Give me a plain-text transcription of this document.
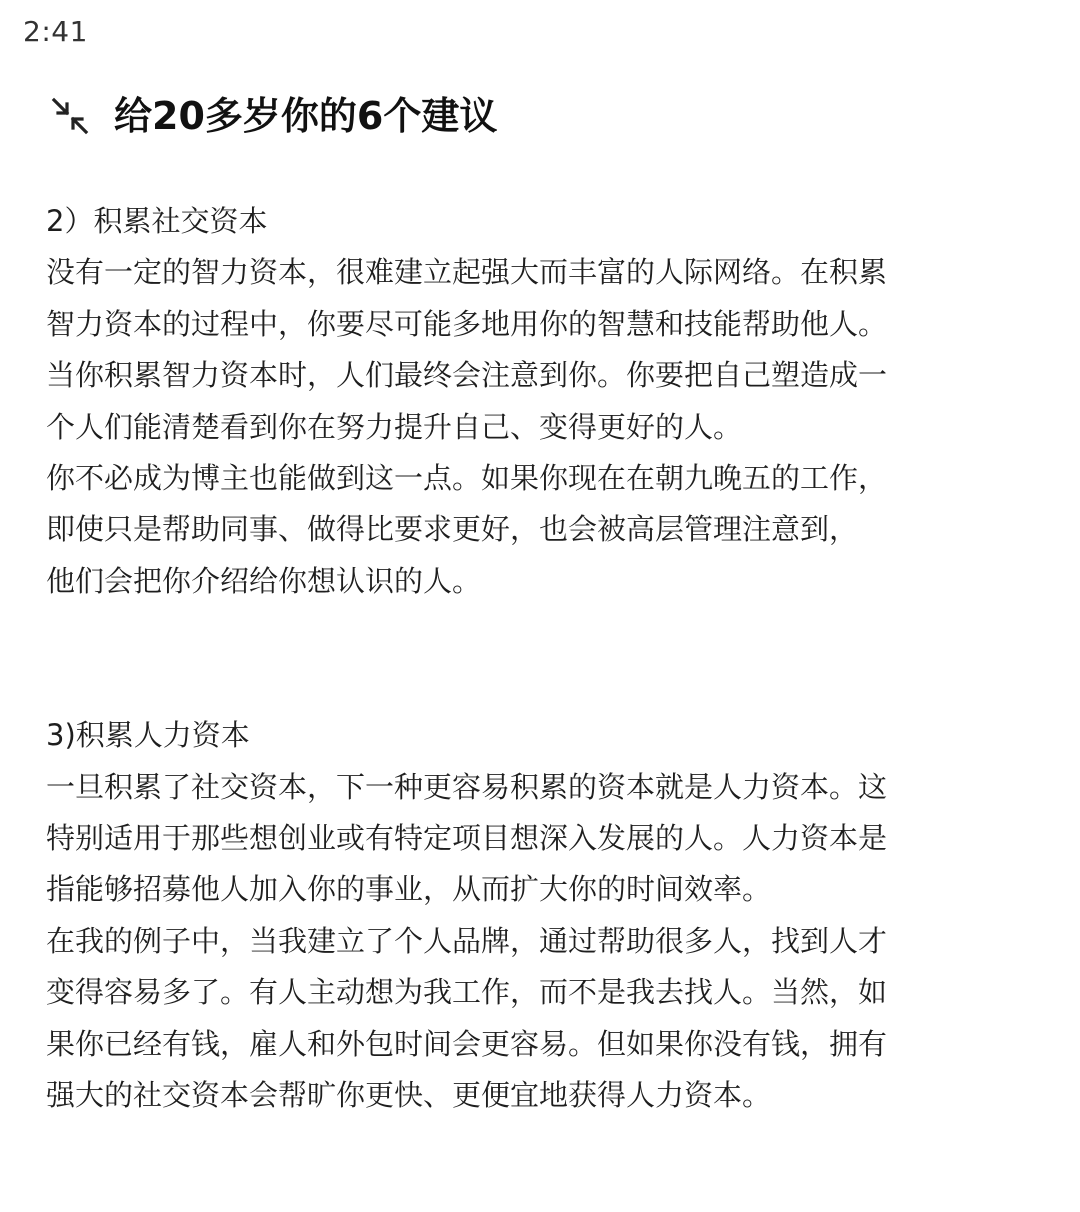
2:41
给20多岁你的6个建议

2）积累社交资本

没有一定的智力资本，很难建立起强大而丰富的人际网络。在积累

智力资本的过程中，你要尽可能多地用你的智慧和技能帮助他人。

当你积累智力资本时，人们最终会注意到你。你要把自己塑造成一

个人们能清楚看到你在努力提升自己、变得更好的人。

你不必成为博主也能做到这一点。如果你现在在朝九晚五的工作，

即使只是帮助同事、做得比要求更好，也会被高层管理注意到，

他们会把你介绍给你想认识的人。

3)积累人力资本

一旦积累了社交资本，下一种更容易积累的资本就是人力资本。这

特别适用于那些想创业或有特定项目想深入发展的人。人力资本是

指能够招募他人加入你的事业，从而扩大你的时间效率。

在我的例子中，当我建立了个人品牌，通过帮助很多人，找到人才

变得容易多了。有人主动想为我工作，而不是我去找人。当然，如

果你已经有钱，雇人和外包时间会更容易。但如果你没有钱，拥有

强大的社交资本会帮旷你更快、更便宜地获得人力资本。
